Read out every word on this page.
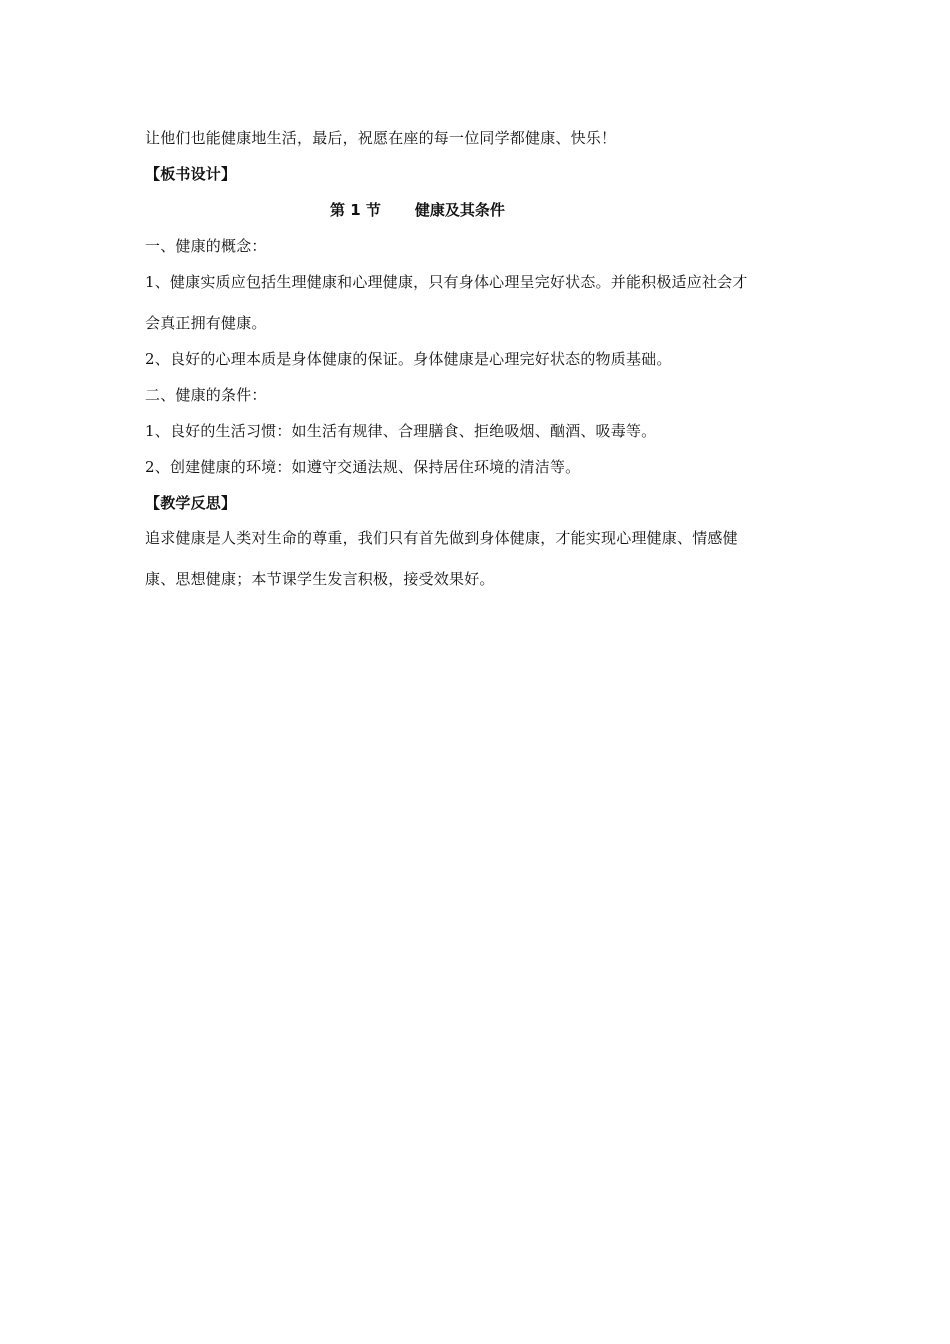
让他们也能健康地生活，最后，祝愿在座的每一位同学都健康、快乐！
【板书设计】
第 1 节 健康及其条件
一、健康的概念：
1、健康实质应包括生理健康和心理健康，只有身体心理呈完好状态。并能积极适应社会才
会真正拥有健康。
2、良好的心理本质是身体健康的保证。身体健康是心理完好状态的物质基础。
二、健康的条件：
1、良好的生活习惯：如生活有规律、合理膳食、拒绝吸烟、酗酒、吸毒等。
2、创建健康的环境：如遵守交通法规、保持居住环境的清洁等。
【教学反思】
追求健康是人类对生命的尊重，我们只有首先做到身体健康，才能实现心理健康、情感健
康、思想健康；本节课学生发言积极，接受效果好。
